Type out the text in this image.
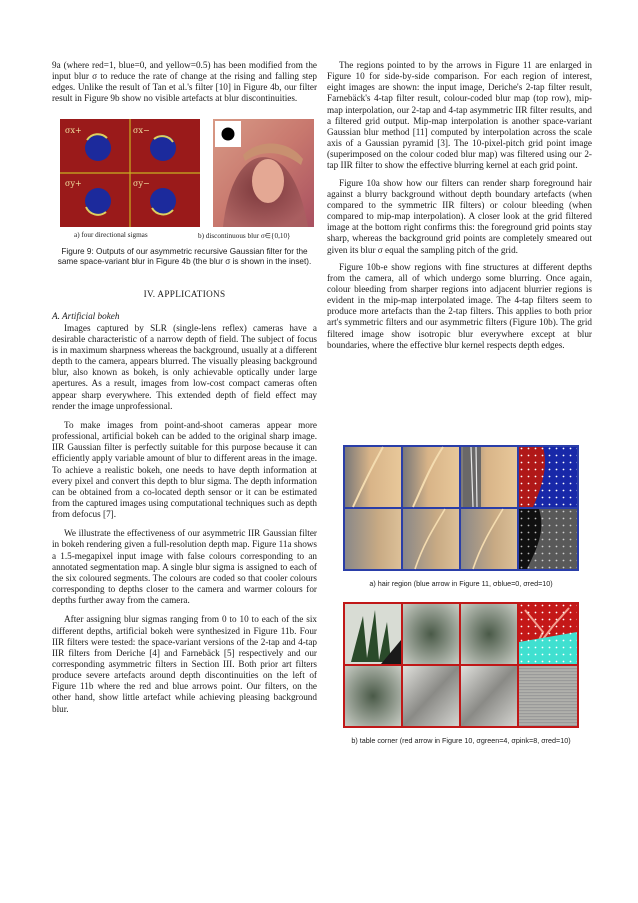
9a (where red=1, blue=0, and yellow=0.5) has been modified from the input blur σ to reduce the rate of change at the rising and falling step edges. Unlike the result of Tan et al.'s filter [10] in Figure 4b, our filter result in Figure 9b show no visible artefacts at blur discontinuities.

σx+	σx−
σy+	σy−
a) four directional sigmas	b) discontinuous blur σ∈{0,10}
Figure 9: Outputs of our asymmetric recursive Gaussian filter for the same space-variant blur in Figure 4b (the blur σ is shown in the inset).
IV. APPLICATIONS
A. Artificial bokeh

Images captured by SLR (single-lens reflex) cameras have a desirable characteristic of a narrow depth of field. The subject of focus is in maximum sharpness whereas the background, usually at a different depth to the camera, appears blurred. The visually pleasing background blur, also known as bokeh, is only achievable optically under large apertures. As a result, images from low-cost compact cameras often appear sharp everywhere. This extended depth of field effect may render the image unprofessional.

To make images from point-and-shoot cameras appear more professional, artificial bokeh can be added to the original sharp image. IIR Gaussian filter is perfectly suitable for this purpose because it can efficiently apply variable amount of blur to different areas in the image. To achieve a realistic bokeh, one needs to have depth information at every pixel and convert this depth to blur sigma. The depth information can be obtained from a co-located depth sensor or it can be estimated from the captured images using computational techniques such as depth from defocus [7].

We illustrate the effectiveness of our asymmetric IIR Gaussian filter in bokeh rendering given a full-resolution depth map. Figure 11a shows a 1.5-megapixel input image with false colours corresponding to an annotated segmentation map. A single blur sigma is assigned to each of the six coloured segments. The colours are coded so that cooler colours corresponding to depths closer to the camera and warmer colours for depths further away from the camera.

After assigning blur sigmas ranging from 0 to 10 to each of the six different depths, artificial bokeh were synthesized in Figure 11b. Four IIR filters were tested: the space-variant versions of the 2-tap and 4-tap IIR filters from Deriche [4] and Farnebäck [5] respectively and our corresponding asymmetric filters in Section III. Both prior art filters produce severe artefacts around depth discontinuities on the left of Figure 11b where the red and blue arrows point. Our filters, on the other hand, show little artefact while achieving pleasing background blur.

The regions pointed to by the arrows in Figure 11 are enlarged in Figure 10 for side-by-side comparison. For each region of interest, eight images are shown: the input image, Deriche's 2-tap filter result, Farnebäck's 4-tap filter result, colour-coded blur map (top row), mip-map interpolation, our 2-tap and 4-tap asymmetric IIR filter results, and a filtered grid output. Mip-map interpolation is another space-variant Gaussian blur method [11] computed by interpolation across the scale axis of a Gaussian pyramid [3]. The 10-pixel-pitch grid point image (superimposed on the colour coded blur map) was filtered using our 2-tap IIR filter to show the effective blurring kernel at each grid point.

Figure 10a show how our filters can render sharp foreground hair against a blurry background without depth boundary artefacts (when compared to the symmetric IIR filters) or colour bleeding (when compared to mip-map interpolation). A closer look at the grid filtered image at the bottom right confirms this: the foreground grid points stay sharp, whereas the background grid points are completely smeared out given its blur σ equal the sampling pitch of the grid.

Figure 10b-e show regions with fine structures at different depths from the camera, all of which undergo some blurring. Once again, colour bleeding from sharper regions into adjacent blurrier regions is evident in the mip-map interpolated image. The 4-tap filters seem to produce more artefacts than the 2-tap filters. This applies to both prior art's symmetric filters and our asymmetric filters (Figure 10b). The grid filtered image show isotropic blur everywhere except at blur boundaries, where the effective blur kernel respects depth edges.

a) hair region (blue arrow in Figure 11, σblue=0, σred=10)
b) table corner (red arrow in Figure 10, σgreen=4, σpink=8, σred=10)
